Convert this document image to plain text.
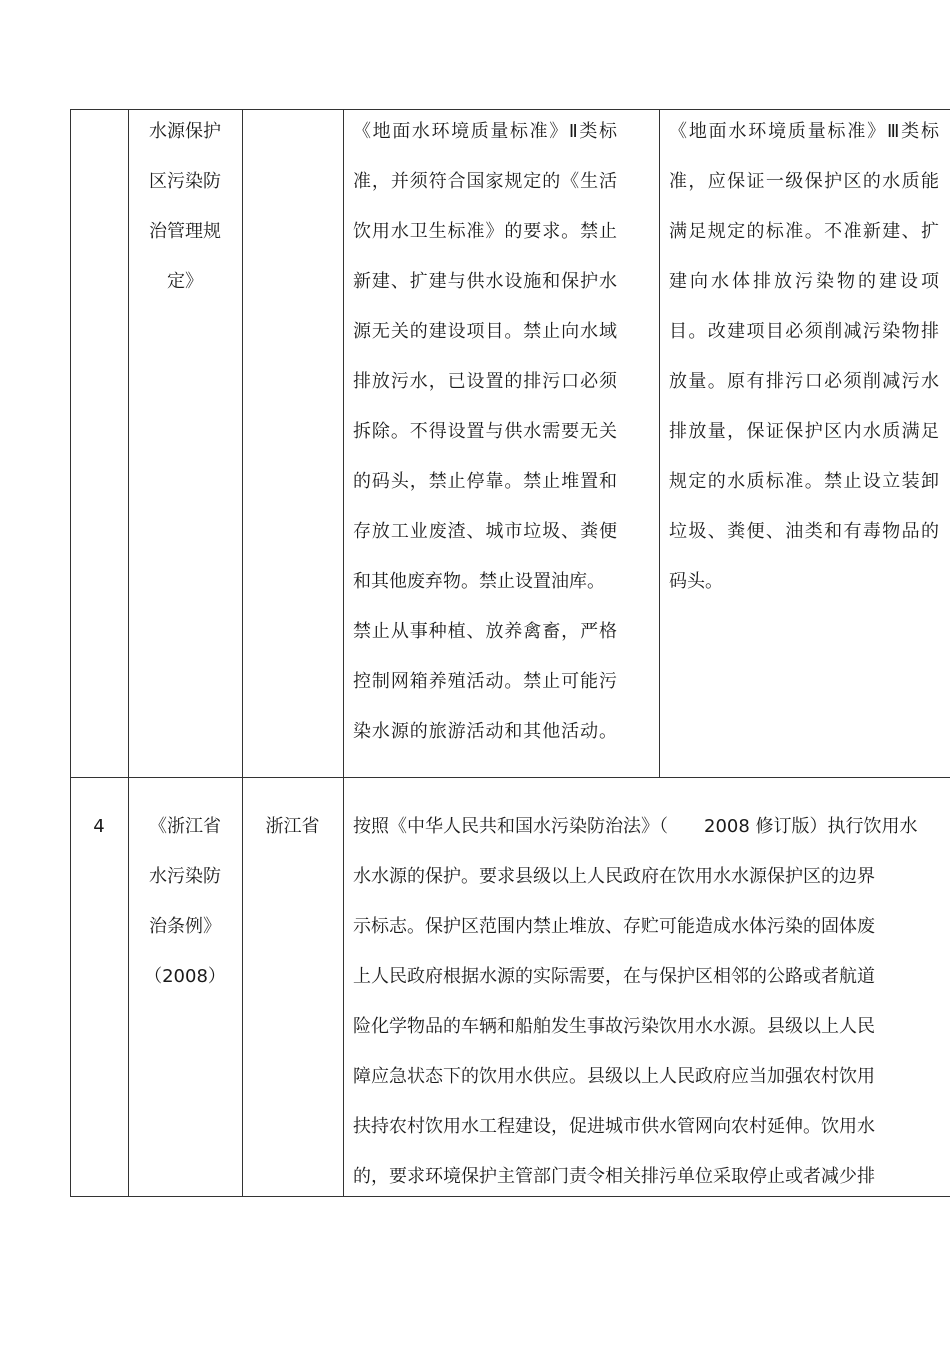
水源保护
区污染防
治管理规
定》
《地面水环境质量标准》Ⅱ类标
准，并须符合国家规定的《生活
饮用水卫生标准》的要求。禁止
新建、扩建与供水设施和保护水
源无关的建设项目。禁止向水域
排放污水，已设置的排污口必须
拆除。不得设置与供水需要无关
的码头，禁止停靠。禁止堆置和
存放工业废渣、城市垃圾、粪便
和其他废弃物。禁止设置油库。
禁止从事种植、放养禽畜，严格
控制网箱养殖活动。禁止可能污
染水源的旅游活动和其他活动。
《地面水环境质量标准》Ⅲ类标
准，应保证一级保护区的水质能
满足规定的标准。不准新建、扩
建向水体排放污染物的建设项
目。改建项目必须削减污染物排
放量。原有排污口必须削减污水
排放量，保证保护区内水质满足
规定的水质标准。禁止设立装卸
垃圾、粪便、油类和有毒物品的
码头。
4	《浙江省
水污染防
治条例》
（2008）
浙江省	按照《中华人民共和国水污染防治法》（　　2008 修订版）执行饮用水
水水源的保护。要求县级以上人民政府在饮用水水源保护区的边界
示标志。保护区范围内禁止堆放、存贮可能造成水体污染的固体废
上人民政府根据水源的实际需要，在与保护区相邻的公路或者航道
险化学物品的车辆和船舶发生事故污染饮用水水源。县级以上人民
障应急状态下的饮用水供应。县级以上人民政府应当加强农村饮用
扶持农村饮用水工程建设，促进城市供水管网向农村延伸。饮用水
的，要求环境保护主管部门责令相关排污单位采取停止或者减少排
